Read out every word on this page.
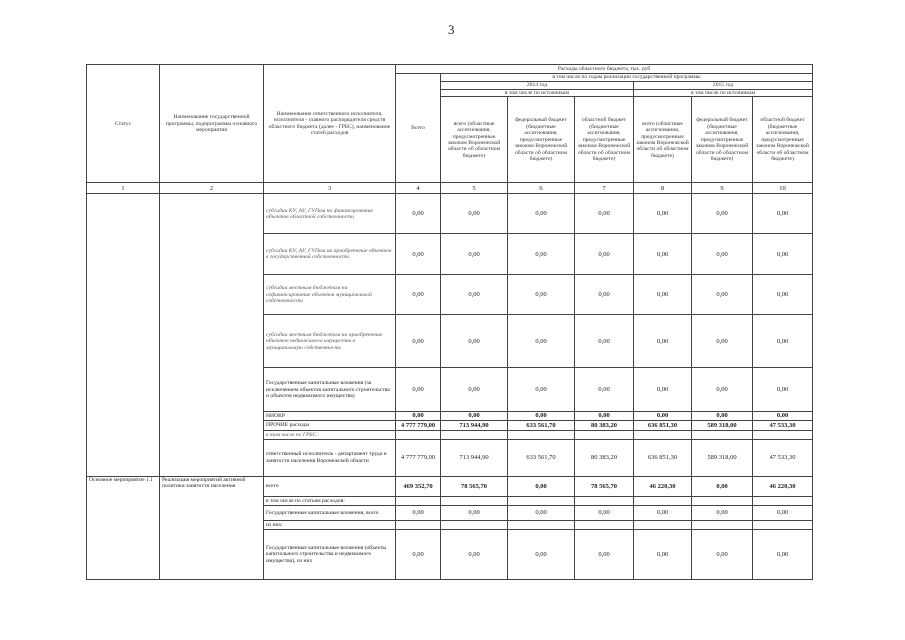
3
Статус	Наименование государственной программы, подпрограммы основного мероприятия	Наименование ответственного исполнителя, исполнителя - главного распорядителя средств областного бюджета (далее - ГРБС), наименование статей расходов	Расходы областного бюджета, тыс. руб						
			Всего	в том числе по годам реализации государственной программы					
				2014 год			2015 год		
				в том числе по источникам			в том числе по источникам		
				всего (областные ассигнования, предусмотренные законом Воронежской области об областном бюджете)	федеральный бюджет (бюджетные ассигнования, предусмотренные законом Воронежской области об областном бюджете)	областной бюджет (бюджетные ассигнования, предусмотренные законом Воронежской области об областном бюджете)	всего (областные ассигнования, предусмотренные законом Воронежской области об областном бюджете)	федеральный бюджет (бюджетные ассигнования, предусмотренные законом Воронежской области об областном бюджете)	областной бюджет (бюджетные ассигнования, предусмотренные законом Воронежской области об областном бюджете)
1	2	3	4	5	6	7	8	9	10
		субсидии КУ, АУ, ГУПам на финансирование объектов областной собственности	0,00	0,00	0,00	0,00	0,00	0,00	0,00
		субсидии КУ, АУ, ГУПам на приобретение объектов в государственной собственности	0,00	0,00	0,00	0,00	0,00	0,00	0,00
		субсидии местным бюджетам на софинансирование объектов муниципальной собственности	0,00	0,00	0,00	0,00	0,00	0,00	0,00
		субсидии местным бюджетам на приобретение объектов недвижимого имущества в муниципальную собственность	0,00	0,00	0,00	0,00	0,00	0,00	0,00
		Государственные капитальные вложения (за исключением объектов капитального строительства и объектов недвижимого имущества)	0,00	0,00	0,00	0,00	0,00	0,00	0,00
		НИОКР	0,00	0,00	0,00	0,00	0,00	0,00	0,00
		ПРОЧИЕ расходы	4 777 779,00	713 944,90	633 561,70	80 383,20	636 851,30	589 318,00	47 533,30
		в том числе по ГРБС:							
		ответственный исполнитель - департамент труда и занятости населения Воронежской области	4 777 779,00	713 944,90	633 561,70	80 383,20	636 851,30	589 318,00	47 533,30
Основное мероприятие 1.1	Реализация мероприятий активной политики занятости населения	всего	469 352,70	78 565,70	0,00	78 565,70	46 220,30	0,00	46 220,30
		в том числе по статьям расходов:							
		Государственные капитальные вложения, всего	0,00	0,00	0,00	0,00	0,00	0,00	0,00
		из них:							
		Государственные капитальные вложения (объекты капитального строительства и недвижимого имущества), из них	0,00	0,00	0,00	0,00	0,00	0,00	0,00
